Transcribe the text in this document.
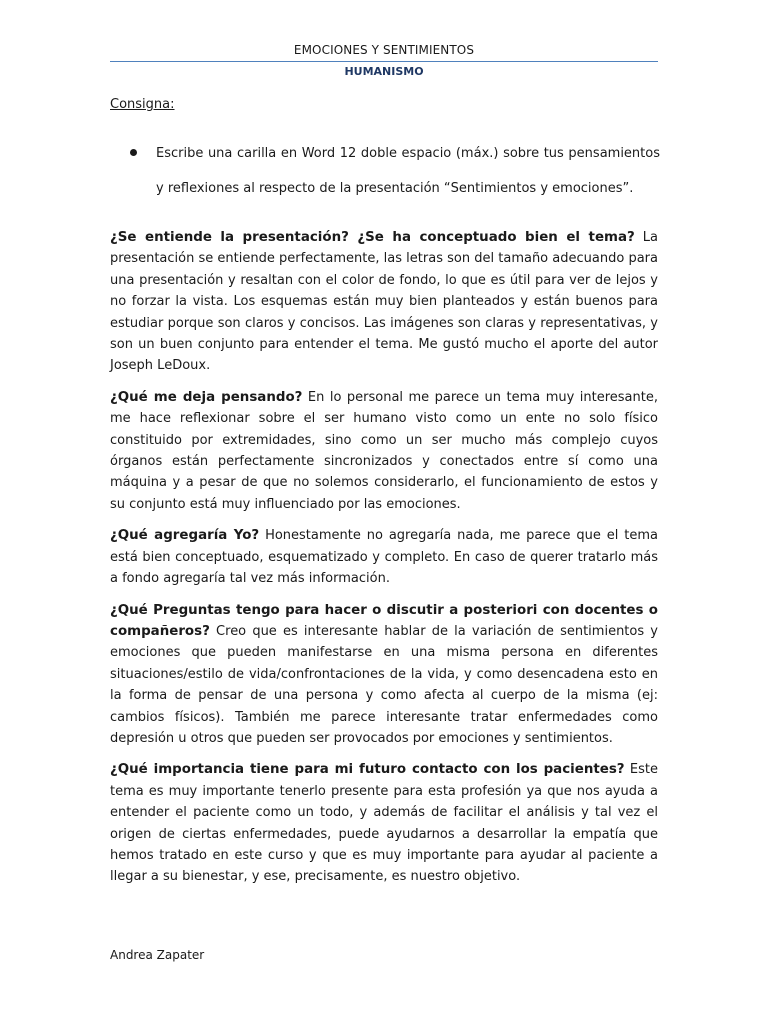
EMOCIONES Y SENTIMIENTOS
HUMANISMO
Consigna:
Escribe una carilla en Word 12 doble espacio (máx.) sobre tus pensamientos y reflexiones al respecto de la presentación “Sentimientos y emociones”.

¿Se entiende la presentación? ¿Se ha conceptuado bien el tema? La presentación se entiende perfectamente, las letras son del tamaño adecuando para una presentación y resaltan con el color de fondo, lo que es útil para ver de lejos y no forzar la vista. Los esquemas están muy bien planteados y están buenos para estudiar porque son claros y concisos. Las imágenes son claras y representativas, y son un buen conjunto para entender el tema. Me gustó mucho el aporte del autor Joseph LeDoux.

¿Qué me deja pensando? En lo personal me parece un tema muy interesante, me hace reflexionar sobre el ser humano visto como un ente no solo físico constituido por extremidades, sino como un ser mucho más complejo cuyos órganos están perfectamente sincronizados y conectados entre sí como una máquina y a pesar de que no solemos considerarlo, el funcionamiento de estos y su conjunto está muy influenciado por las emociones.

¿Qué agregaría Yo? Honestamente no agregaría nada, me parece que el tema está bien conceptuado, esquematizado y completo. En caso de querer tratarlo más a fondo agregaría tal vez más información.

¿Qué Preguntas tengo para hacer o discutir a posteriori con docentes o compañeros? Creo que es interesante hablar de la variación de sentimientos y emociones que pueden manifestarse en una misma persona en diferentes situaciones/estilo de vida/confrontaciones de la vida, y como desencadena esto en la forma de pensar de una persona y como afecta al cuerpo de la misma (ej: cambios físicos). También me parece interesante tratar enfermedades como depresión u otros que pueden ser provocados por emociones y sentimientos.

¿Qué importancia tiene para mi futuro contacto con los pacientes? Este tema es muy importante tenerlo presente para esta profesión ya que nos ayuda a entender el paciente como un todo, y además de facilitar el análisis y tal vez el origen de ciertas enfermedades, puede ayudarnos a desarrollar la empatía que hemos tratado en este curso y que es muy importante para ayudar al paciente a llegar a su bienestar, y ese, precisamente, es nuestro objetivo.

Andrea Zapater
